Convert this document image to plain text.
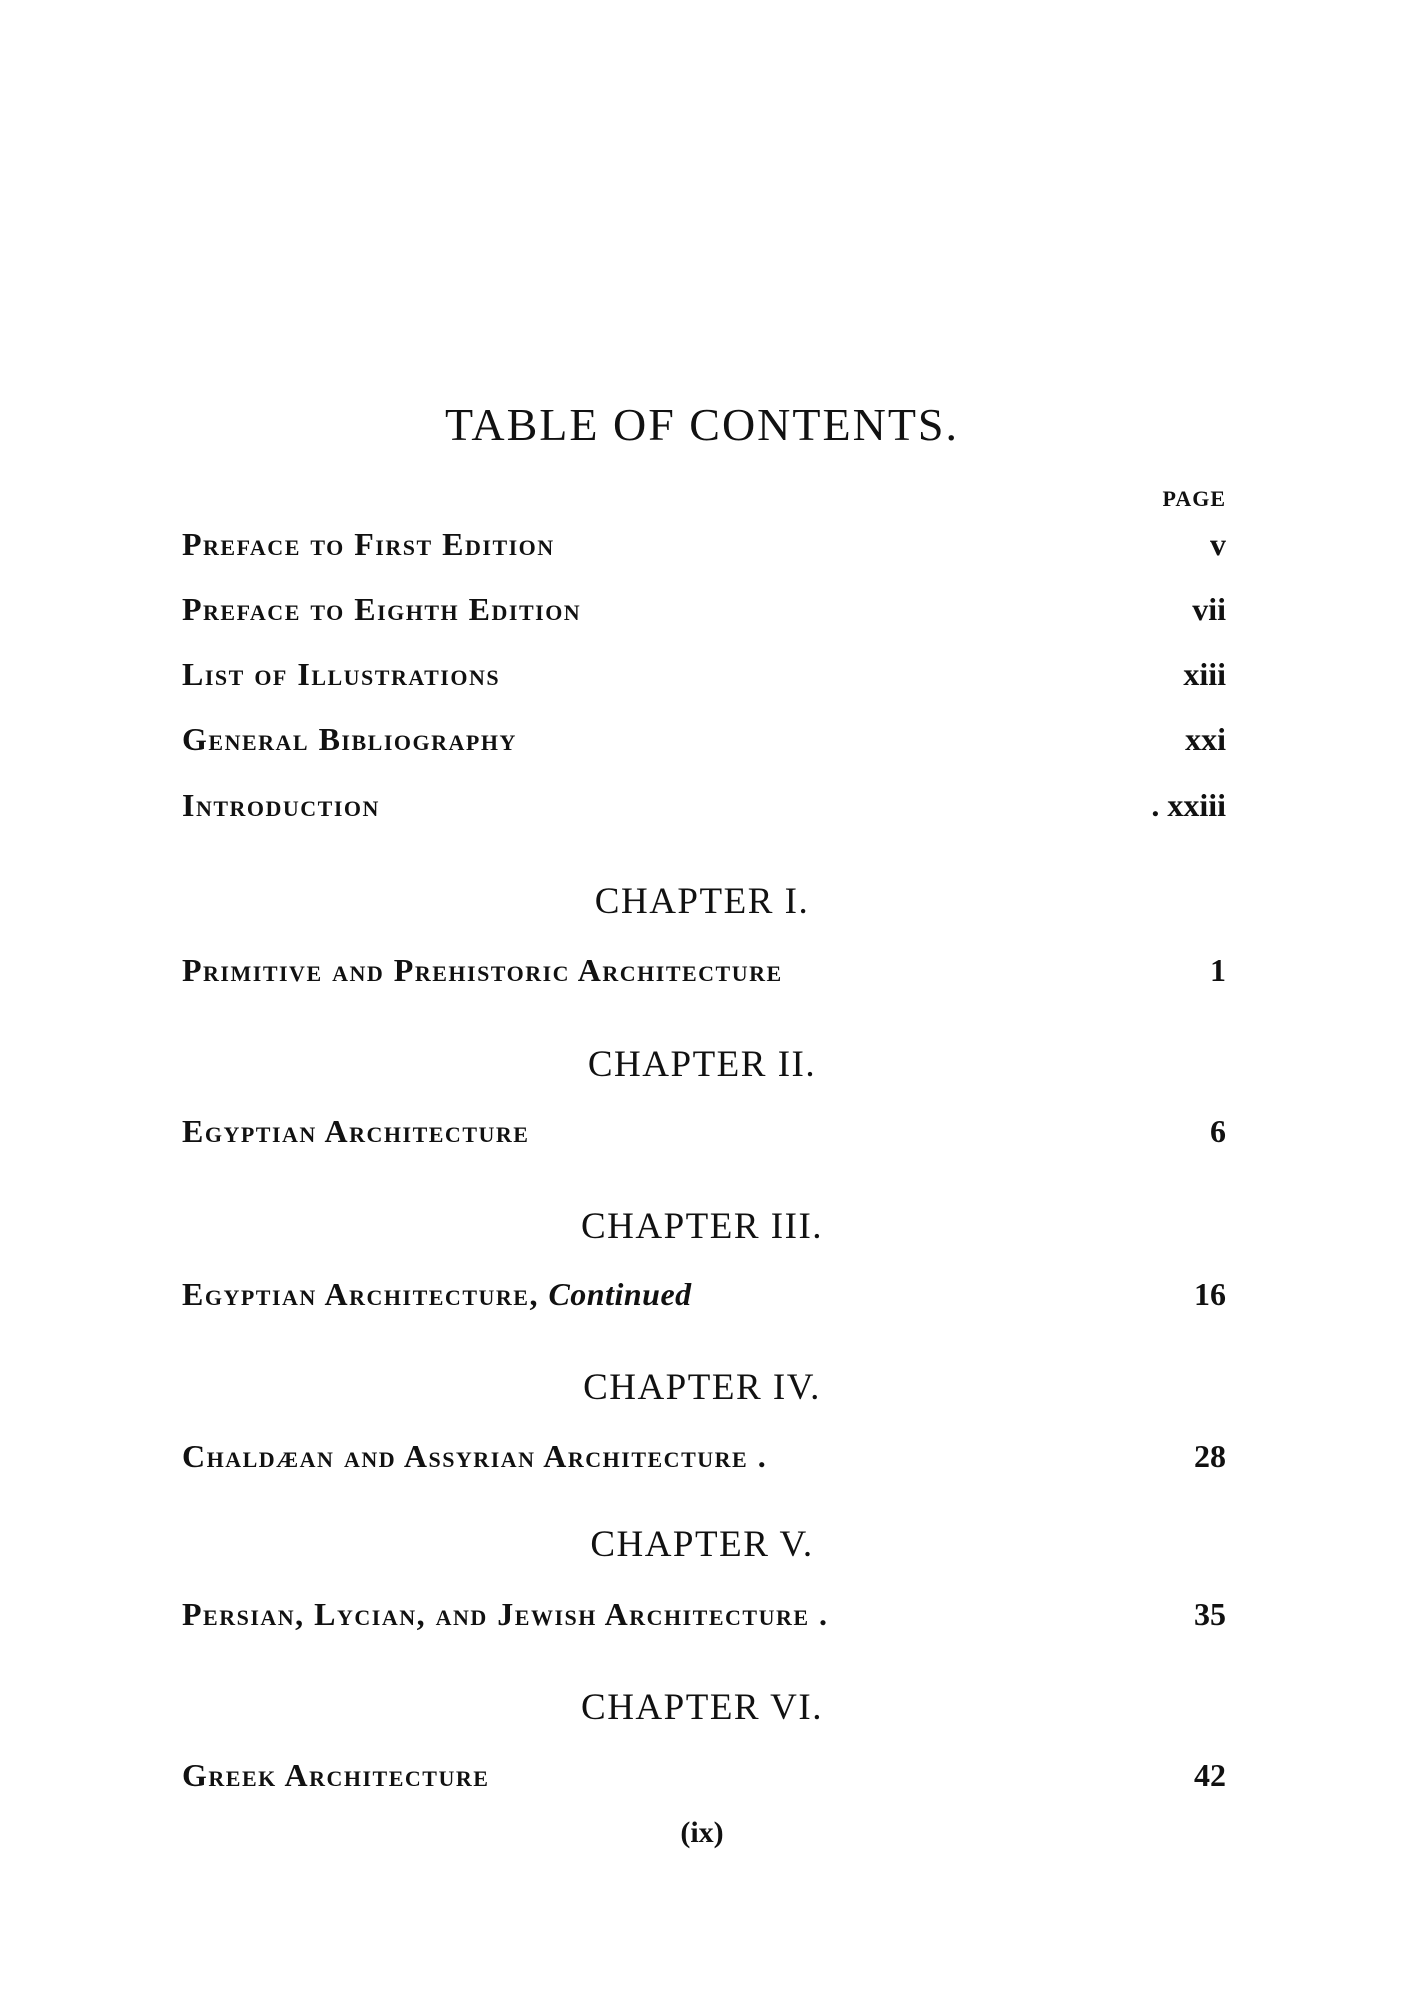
TABLE OF CONTENTS.
PAGE
Preface to First Edition	v
Preface to Eighth Edition	vii
List of Illustrations	xiii
General Bibliography	xxi
Introduction	. xxiii
CHAPTER I.
Primitive and Prehistoric Architecture	1
CHAPTER II.
Egyptian Architecture	6
CHAPTER III.
Egyptian Architecture, Continued	16
CHAPTER IV.
Chaldæan and Assyrian Architecture .	28
CHAPTER V.
Persian, Lycian, and Jewish Architecture .	35
CHAPTER VI.
Greek Architecture	42
(ix)
